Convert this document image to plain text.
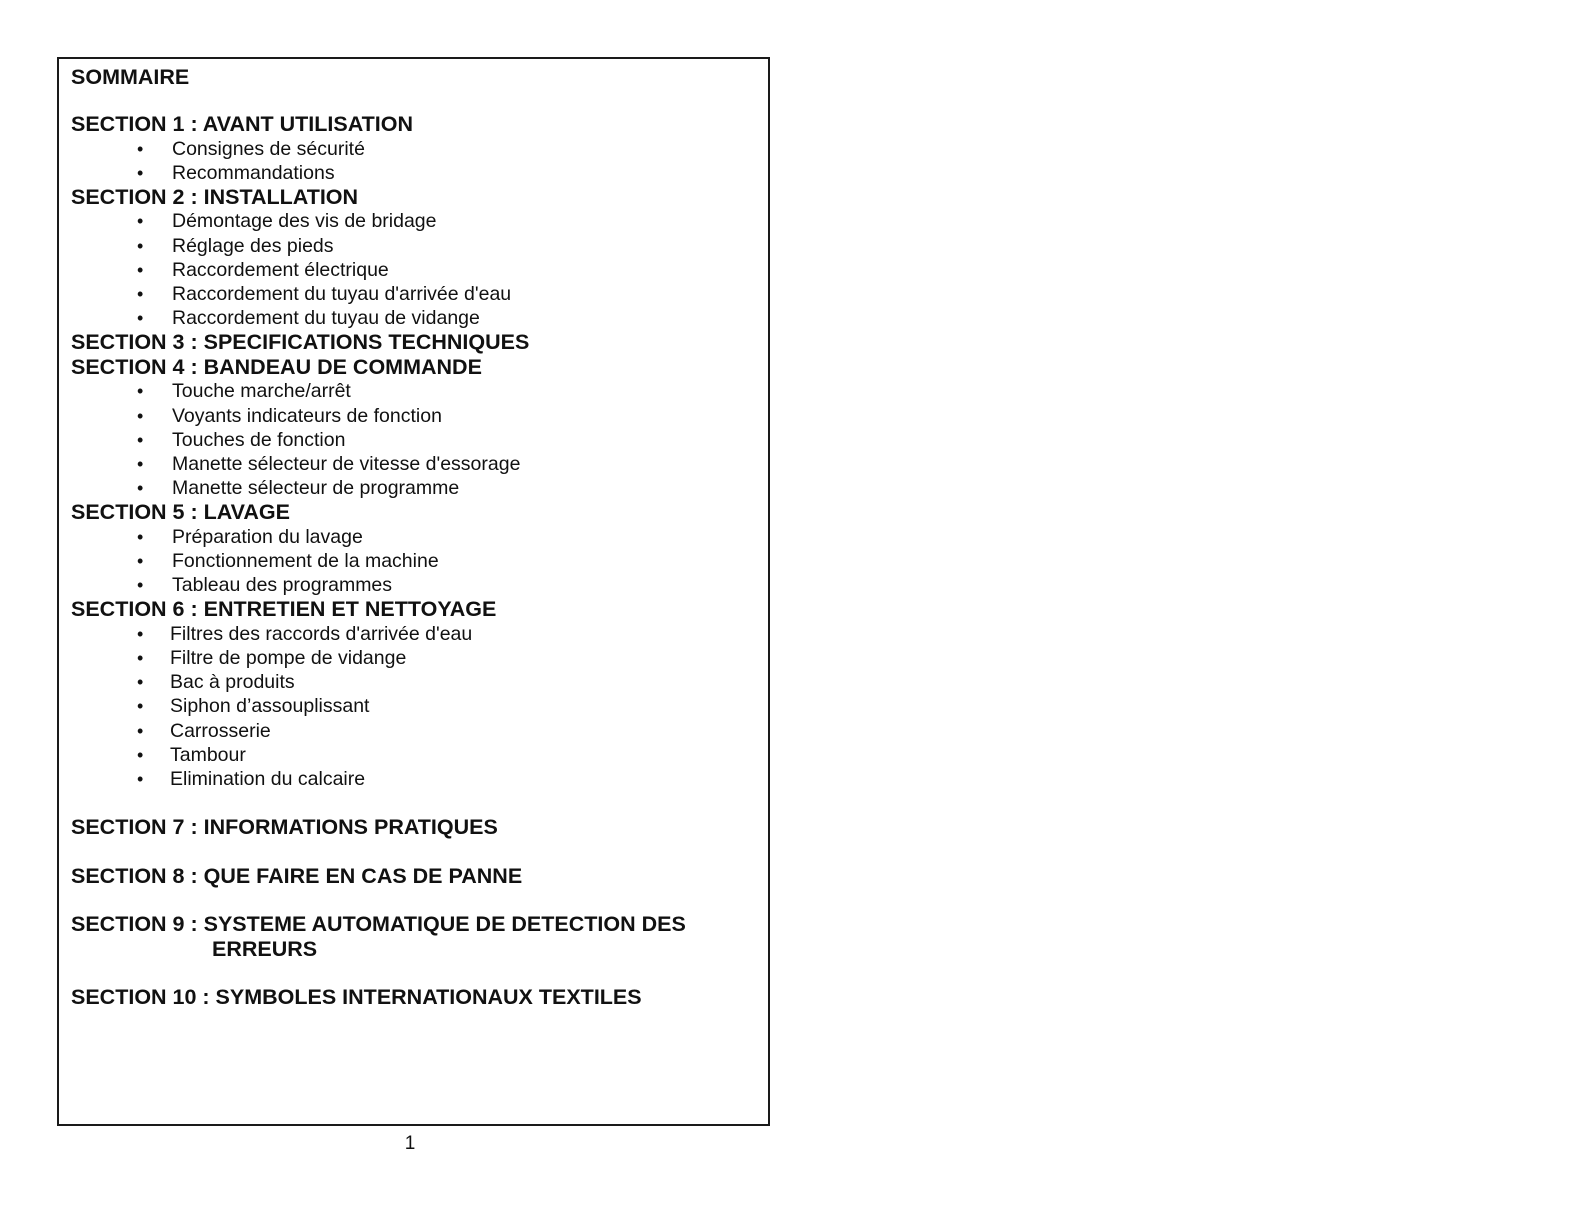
SOMMAIRE
SECTION 1 : AVANT UTILISATION
• Consignes de sécurité
• Recommandations
SECTION 2 : INSTALLATION
• Démontage des vis de bridage
• Réglage des pieds
• Raccordement électrique
• Raccordement du tuyau d'arrivée d'eau
• Raccordement du tuyau de vidange
SECTION 3 : SPECIFICATIONS TECHNIQUES
SECTION 4 : BANDEAU DE COMMANDE
• Touche marche/arrêt
• Voyants indicateurs de fonction
• Touches de fonction
• Manette sélecteur de vitesse d'essorage
• Manette sélecteur de programme
SECTION 5 : LAVAGE
• Préparation du lavage
• Fonctionnement de la machine
• Tableau des programmes
SECTION 6 : ENTRETIEN ET NETTOYAGE
• Filtres des raccords d'arrivée d'eau
• Filtre de pompe de vidange
• Bac à produits
• Siphon d’assouplissant
• Carrosserie
• Tambour
• Elimination du calcaire
SECTION 7 : INFORMATIONS PRATIQUES
SECTION 8 : QUE FAIRE EN CAS DE PANNE
SECTION 9 : SYSTEME AUTOMATIQUE DE DETECTION DES
ERREURS
SECTION 10 : SYMBOLES INTERNATIONAUX TEXTILES
1
